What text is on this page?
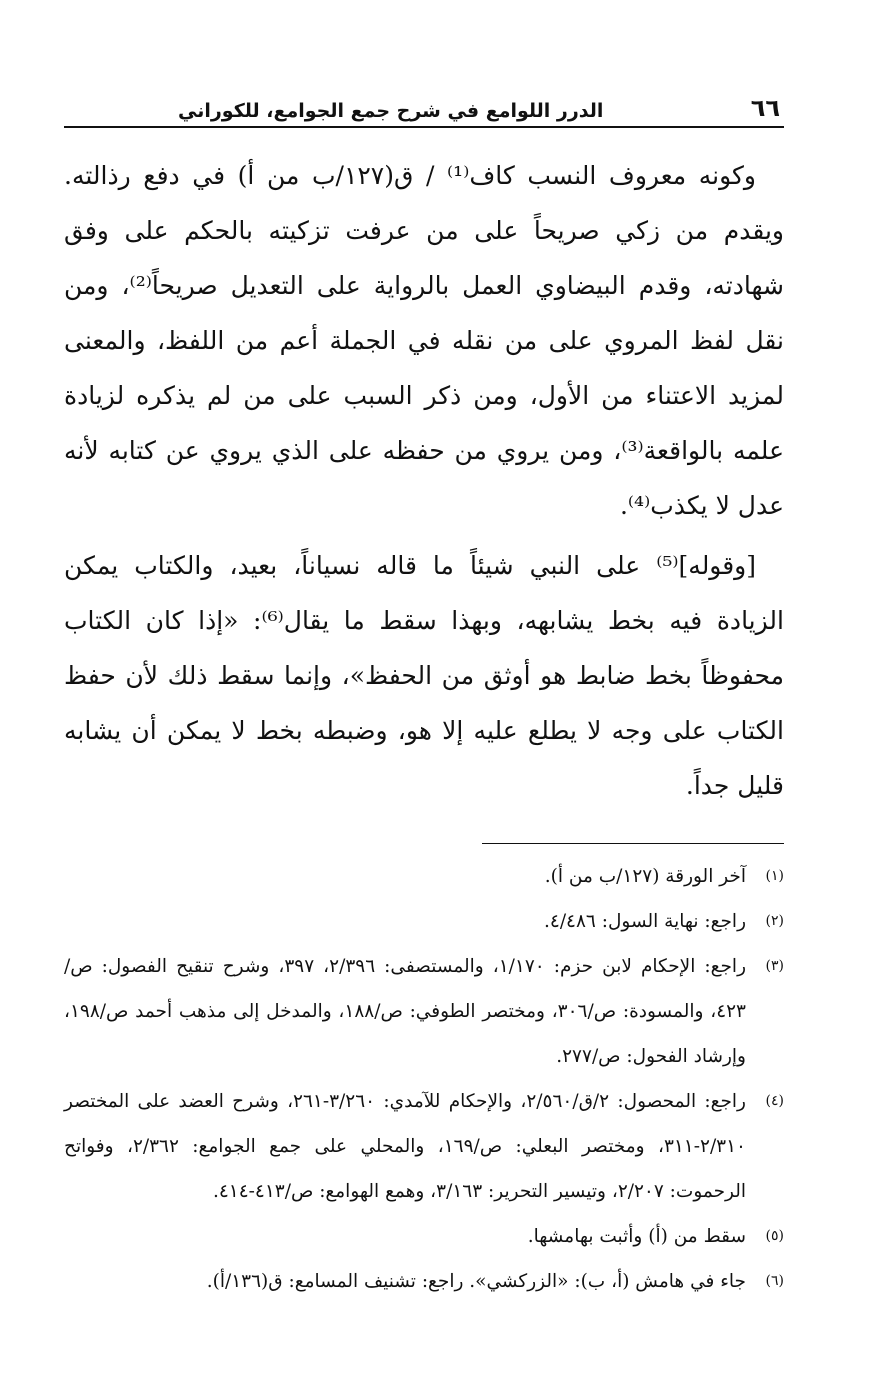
٦٦
الدرر اللوامع في شرح جمع الجوامع، للكوراني

وكونه معروف النسب كاف⁽¹⁾ / ق(١٢٧/ب من أ) في دفع رذالته. ويقدم من زكي صريحاً على من عرفت تزكيته بالحكم على وفق شهادته، وقدم البيضاوي العمل بالرواية على التعديل صريحاً⁽²⁾، ومن نقل لفظ المروي على من نقله في الجملة أعم من اللفظ، والمعنى لمزيد الاعتناء من الأول، ومن ذكر السبب على من لم يذكره لزيادة علمه بالواقعة⁽³⁾، ومن يروي من حفظه على الذي يروي عن كتابه لأنه عدل لا يكذب⁽⁴⁾.

[وقوله]⁽⁵⁾ على النبي شيئاً ما قاله نسياناً، بعيد، والكتاب يمكن الزيادة فيه بخط يشابهه، وبهذا سقط ما يقال⁽⁶⁾: «إذا كان الكتاب محفوظاً بخط ضابط هو أوثق من الحفظ»، وإنما سقط ذلك لأن حفظ الكتاب على وجه لا يطلع عليه إلا هو، وضبطه بخط لا يمكن أن يشابه قليل جداً.

(١)
آخر الورقة (١٢٧/ب من أ).
(٢)
راجع: نهاية السول: ٤/٤٨٦.
(٣)
راجع: الإحكام لابن حزم: ١/١٧٠، والمستصفى: ٢/٣٩٦، ٣٩٧، وشرح تنقيح الفصول: ص/٤٢٣، والمسودة: ص/٣٠٦، ومختصر الطوفي: ص/١٨٨، والمدخل إلى مذهب أحمد ص/١٩٨، وإرشاد الفحول: ص/٢٧٧.
(٤)
راجع: المحصول: ٢/ق/٢/٥٦٠، والإحكام للآمدي: ٣/٢٦٠-٢٦١، وشرح العضد على المختصر ٢/٣١٠-٣١١، ومختصر البعلي: ص/١٦٩، والمحلي على جمع الجوامع: ٢/٣٦٢، وفواتح الرحموت: ٢/٢٠٧، وتيسير التحرير: ٣/١٦٣، وهمع الهوامع: ص/٤١٣-٤١٤.
(٥)
سقط من (أ) وأثبت بهامشها.
(٦)
جاء في هامش (أ، ب): «الزركشي». راجع: تشنيف المسامع: ق(١٣٦/أ).
